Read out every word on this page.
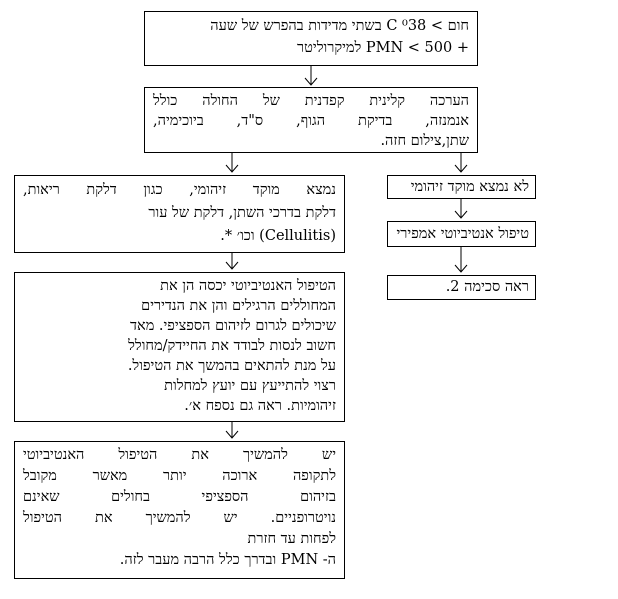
חום > C ⁰38 בשתי מדידות בהפרש של שעה
+ PMN < 500 למיקרוליטר
הערכה קלינית קפדנית של החולה כולל
אנמנזה, בדיקת הגוף, ס"ד, ביוכימיה,
שתן,צילום חזה.
נמצא מוקד זיהומי, כגון דלקת ריאות,
דלקת בדרכי השתן, דלקת של עור
(Cellulitis) וכו׳ *.
לא נמצא מוקד זיהומי
טיפול אנטיביוטי אמפירי
ראה סכימה 2.
הטיפול האנטיביוטי יכסה הן את
המחוללים הרגילים והן את הנדירים
שיכולים לגרום לזיהום הספציפי. מאד
חשוב לנסות לבודד את החיידק/מחולל
על מנת להתאים בהמשך את הטיפול.
רצוי להתייעץ עם יועץ למחלות
זיהומיות. ראה גם נספח א׳.
יש להמשיך את הטיפול האנטיביוטי
לתקופה ארוכה יותר מאשר מקובל
בזיהום הספציפי בחולים שאינם
נויטרופניים. יש להמשיך את הטיפול
לפחות עד חזרת
ה- PMN ובדרך כלל הרבה מעבר לזה.
